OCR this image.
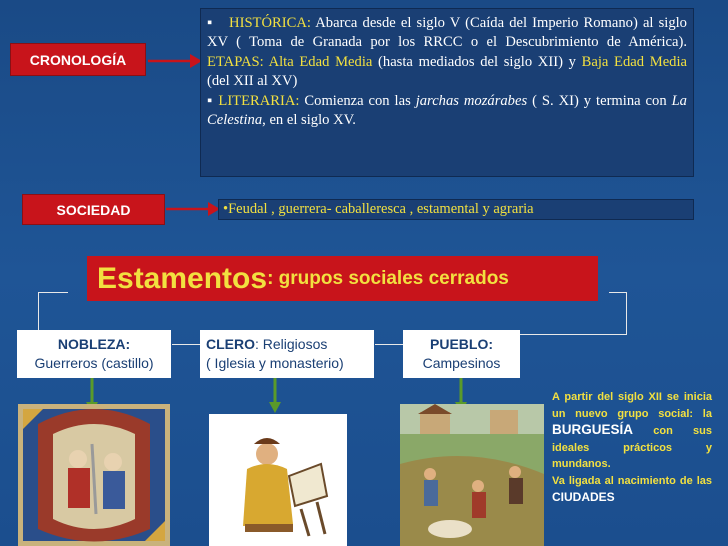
CRONOLOGÍA

▪ HISTÓRICA: Abarca desde el siglo V (Caída del Imperio Romano) al siglo XV ( Toma de Granada por los RRCC o el Descubrimiento de América). ETAPAS: Alta Edad Media (hasta mediados del siglo XII) y Baja Edad Media (del XII al XV)

▪ LITERARIA: Comienza con las jarchas mozárabes ( S. XI) y termina con La Celestina, en el siglo XV.

SOCIEDAD	•Feudal , guerrera- caballeresca , estamental y agraria
Estamentos : grupos sociales cerrados
NOBLEZA:
Guerreros (castillo)
CLERO: Religiosos
( Iglesia y monasterio)
PUEBLO:
Campesinos
A partir del siglo XII se inicia un nuevo grupo social: la BURGUESÍA con sus ideales prácticos y mundanos.
Va ligada al nacimiento de las CIUDADES
